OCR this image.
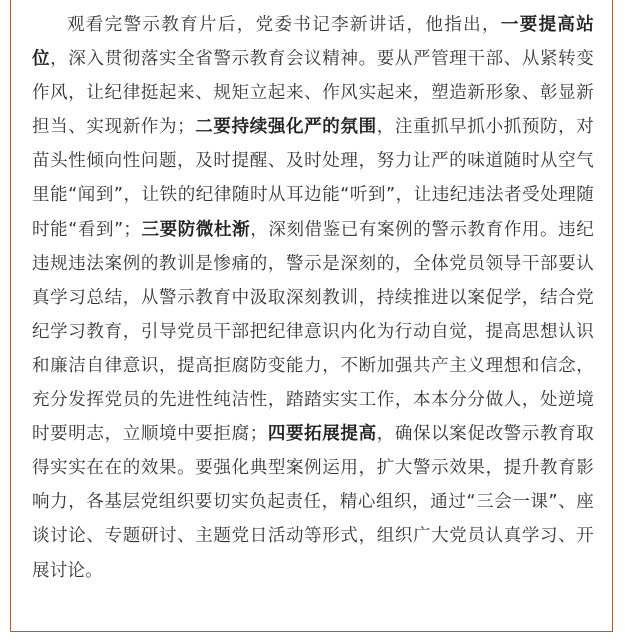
观看完警示教育片后，党委书记李新讲话，他指出，一要提高站位，深入贯彻落实全省警示教育会议精神。要从严管理干部、从紧转变作风，让纪律挺起来、规矩立起来、作风实起来，塑造新形象、彰显新担当、实现新作为；二要持续强化严的氛围，注重抓早抓小抓预防，对苗头性倾向性问题，及时提醒、及时处理，努力让严的味道随时从空气里能“闻到”，让铁的纪律随时从耳边能“听到”，让违纪违法者受处理随时能“看到”；三要防微杜渐，深刻借鉴已有案例的警示教育作用。违纪违规违法案例的教训是惨痛的，警示是深刻的，全体党员领导干部要认真学习总结，从警示教育中汲取深刻教训，持续推进以案促学，结合党纪学习教育，引导党员干部把纪律意识内化为行动自觉，提高思想认识和廉洁自律意识，提高拒腐防变能力，不断加强共产主义理想和信念，充分发挥党员的先进性纯洁性，踏踏实实工作，本本分分做人，处逆境时要明志，立顺境中要拒腐；四要拓展提高，确保以案促改警示教育取得实实在在的效果。要强化典型案例运用，扩大警示效果，提升教育影响力，各基层党组织要切实负起责任，精心组织，通过“三会一课”、座谈讨论、专题研讨、主题党日活动等形式，组织广大党员认真学习、开展讨论。
